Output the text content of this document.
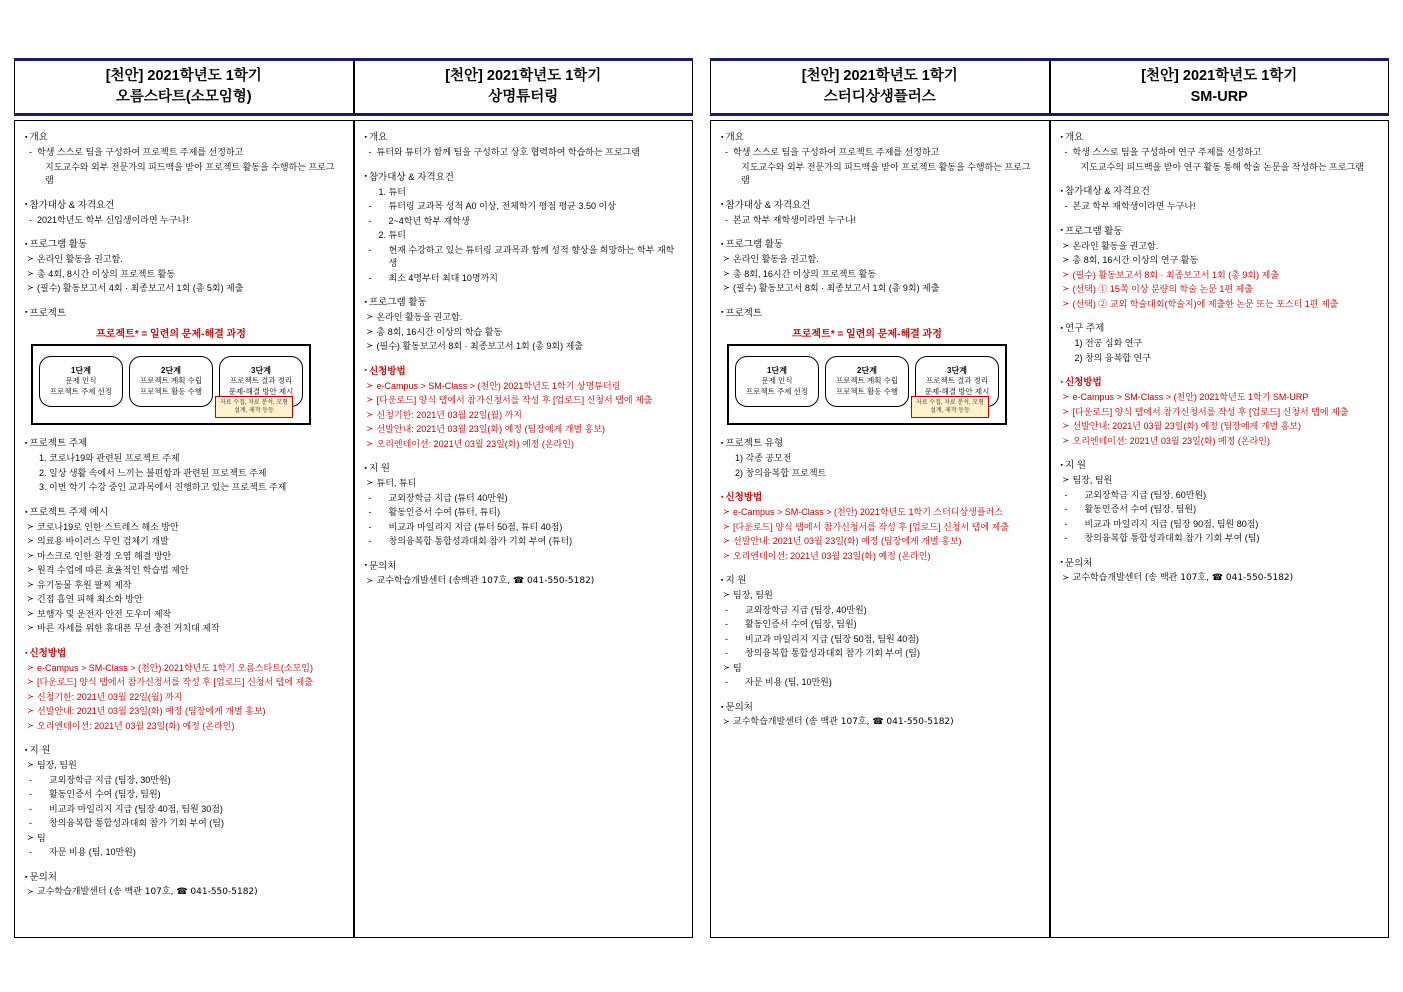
[천안] 2021학년도 1학기
오름스타트(소모임형)
[천안] 2021학년도 1학기
상명튜터링
▪ 개요
- 학생 스스로 팀을 구성하여 프로젝트 주제를 선정하고
지도교수와 외부 전문가의 피드백을 받아 프로젝트 활동을 수행하는 프로그램
▪ 참가대상 & 자격요건
- 2021학년도 학부 신입생이라면 누구나!
▪ 프로그램 활동
≻ 온라인 활동을 권고함.
≻ 총 4회, 8시간 이상의 프로젝트 활동
≻ (필수) 활동보고서 4회 · 최종보고서 1회 (총 5회) 제출
▪ 프로젝트
프로젝트* = 일련의 문제-해결 과정
1단계
문제 인식
프로젝트 주제 선정
2단계
프로젝트 계획 수립
프로젝트 활동 수행
3단계
프로젝트 결과 정리
문제-해결 방안 제시
자료 수집, 자료 분석, 모형 설계, 제작 등등
▪ 프로젝트 주제
1. 코로나19와 관련된 프로젝트 주제
2. 일상 생활 속에서 느끼는 불편함과 관련된 프로젝트 주제
3. 이번 학기 수강 중인 교과목에서 진행하고 있는 프로젝트 주제
▪ 프로젝트 주제 예시
≻ 코로나19로 인한 스트레스 해소 방안
≻ 의료용 바이러스 무인 검체기 개발
≻ 마스크로 인한 환경 오염 해결 방안
≻ 원격 수업에 따른 효율적인 학습법 제안
≻ 유기동물 후원 팔찌 제작
≻ 긴접 흡연 피해 최소화 방안
≻ 보행자 및 운전자 안전 도우미 제작
≻ 바른 자세를 위한 휴대폰 무선 충전 거치대 제작
▪ 신청방법
≻ e-Campus > SM-Class > (천안) 2021학년도 1학기 오름스타트(소모임)
≻ [다운로드] 양식 탭에서 참가신청서를 작성 후 [업로드] 신청서 탭에 제출
≻ 신청기한: 2021년 03월 22일(월) 까지
≻ 선발안내: 2021년 03월 23일(화) 예정 (팀장에게 개별 홍보)
≻ 오리엔테이션: 2021년 03월 23일(화) 예정 (온라인)
▪ 지 원
≻ 팀장, 팀원
- 교외장학금 지급 (팀장, 30만원)
- 활동인증서 수여 (팀장, 팀원)
- 비교과 마일리지 지급 (팀장 40점, 팀원 30점)
- 창의융복합 통합성과대회 참가 기회 부여 (팀)
≻ 팀
- 자문 비용 (팀, 10만원)
▪ 문의처
≻ 교수학습개발센터 (송 백관 107호, ☎ 041-550-5182)
▪ 개요
- 튜터와 튜터가 함께 팀을 구성하고 상호 협력하여 학습하는 프로그램
▪ 참가대상 & 자격요건
1. 튜터
- 튜터링 교과목 성적 A0 이상, 전체학기 평점 평균 3.50 이상
- 2~4학년 학부 재학생
2. 튜티
- 현재 수강하고 있는 튜터링 교과목과 함께 성적 향상을 희망하는 학부 재학생
- 최소 4명부터 최대 10명까지
▪ 프로그램 활동
≻ 온라인 활동을 권고함.
≻ 총 8회, 16시간 이상의 학습 활동
≻ (필수) 활동보고서 8회 · 최종보고서 1회 (총 9회) 제출
▪ 신청방법
≻ e-Campus > SM-Class > (천안) 2021학년도 1학기 상명튜터링
≻ [다운로드] 양식 탭에서 참가신청서를 작성 후 [업로드] 신청서 탭에 제출
≻ 신청기한: 2021년 03월 22일(월) 까지
≻ 선발안내: 2021년 03월 23일(화) 예정 (팀장에게 개별 홍보)
≻ 오리엔테이션: 2021년 03월 23일(화) 예정 (온라인)
▪ 지 원
≻ 튜터, 튜티
- 교외장학금 지급 (튜터 40만원)
- 활동인증서 수여 (튜터, 튜티)
- 비교과 마일리지 지급 (튜터 50점, 튜티 40점)
- 창의융복합 통합성과대회 참가 기회 부여 (튜터)
▪ 문의처
≻ 교수학습개발센터 (송백관 107호, ☎ 041-550-5182)
[천안] 2021학년도 1학기
스터디상생플러스
[천안] 2021학년도 1학기
SM-URP
▪ 개요
- 학생 스스로 팀을 구성하여 프로젝트 주제를 선정하고
지도교수와 외부 전문가의 피드백을 받아 프로젝트 활동을 수행하는 프로그램
▪ 참가대상 & 자격요건
- 본교 학부 재학생이라면 누구나!
▪ 프로그램 활동
≻ 온라인 활동을 권고함.
≻ 총 8회, 16시간 이상의 프로젝트 활동
≻ (필수) 활동보고서 8회 · 최종보고서 1회 (총 9회) 제출
▪ 프로젝트
프로젝트* = 일련의 문제-해결 과정
1단계
문제 인식
프로젝트 주제 선정
2단계
프로젝트 계획 수립
프로젝트 활동 수행
3단계
프로젝트 결과 정리
문제-해결 방안 제시
자료 수집, 자료 분석, 모형 설계, 제작 등등
▪ 프로젝트 유형
1) 각종 공모전
2) 창의융복합 프로젝트
▪ 신청방법
≻ e-Campus > SM-Class > (천안) 2021학년도 1학기 스터디상생플러스
≻ [다운로드] 양식 탭에서 참가신청서를 작성 후 [업로드] 신청서 탭에 제출
≻ 선발안내: 2021년 03월 23일(화) 예정 (팀장에게 개별 홍보)
≻ 오리엔테이션: 2021년 03월 23일(화) 예정 (온라인)
▪ 지 원
≻ 팀장, 팀원
- 교외장학금 지급 (팀장, 40만원)
- 활동인증서 수여 (팀장, 팀원)
- 비교과 마일리지 지급 (팀장 50점, 팀원 40점)
- 창의융복합 통합성과대회 참가 기회 부여 (팀)
≻ 팀
- 자문 비용 (팀, 10만원)
▪ 문의처
≻ 교수학습개발센터 (송 백관 107호, ☎ 041-550-5182)
▪ 개요
- 학생 스스로 팀을 구성하여 연구 주제를 선정하고
지도교수의 피드백을 받아 연구 활동 통해 학술 논문을 작성하는 프로그램
▪ 참가대상 & 자격요건
- 본교 학부 재학생이라면 누구나!
▪ 프로그램 활동
≻ 온라인 활동을 권고함.
≻ 총 8회, 16시간 이상의 연구 활동
≻ (필수) 활동보고서 8회 · 최종보고서 1회 (총 9회) 제출
≻ (선택) ① 15쪽 이상 분량의 학술 논문 1편 제출
≻ (선택) ② 교외 학술대회(학술지)에 제출한 논문 또는 포스터 1편 제출
▪ 연구 주제
1) 전공 심화 연구
2) 창의 융복합 연구
▪ 신청방법
≻ e-Campus > SM-Class > (천안) 2021학년도 1학기 SM-URP
≻ [다운로드] 양식 탭에서 참가신청서를 작성 후 [업로드] 신청서 탭에 제출
≻ 선발안내: 2021년 03월 23일(화) 예정 (팀장에게 개별 홍보)
≻ 오리엔테이션: 2021년 03월 23일(화) 예정 (온라인)
▪ 지 원
≻ 팀장, 팀원
- 교외장학금 지급 (팀장, 60만원)
- 활동인증서 수여 (팀장, 팀원)
- 비교과 마일리지 지급 (팀장 90점, 팀원 80점)
- 창의융복합 통합성과대회 참가 기회 부여 (팀)
▪ 문의처
≻ 교수학습개발센터 (송 백관 107호, ☎ 041-550-5182)
